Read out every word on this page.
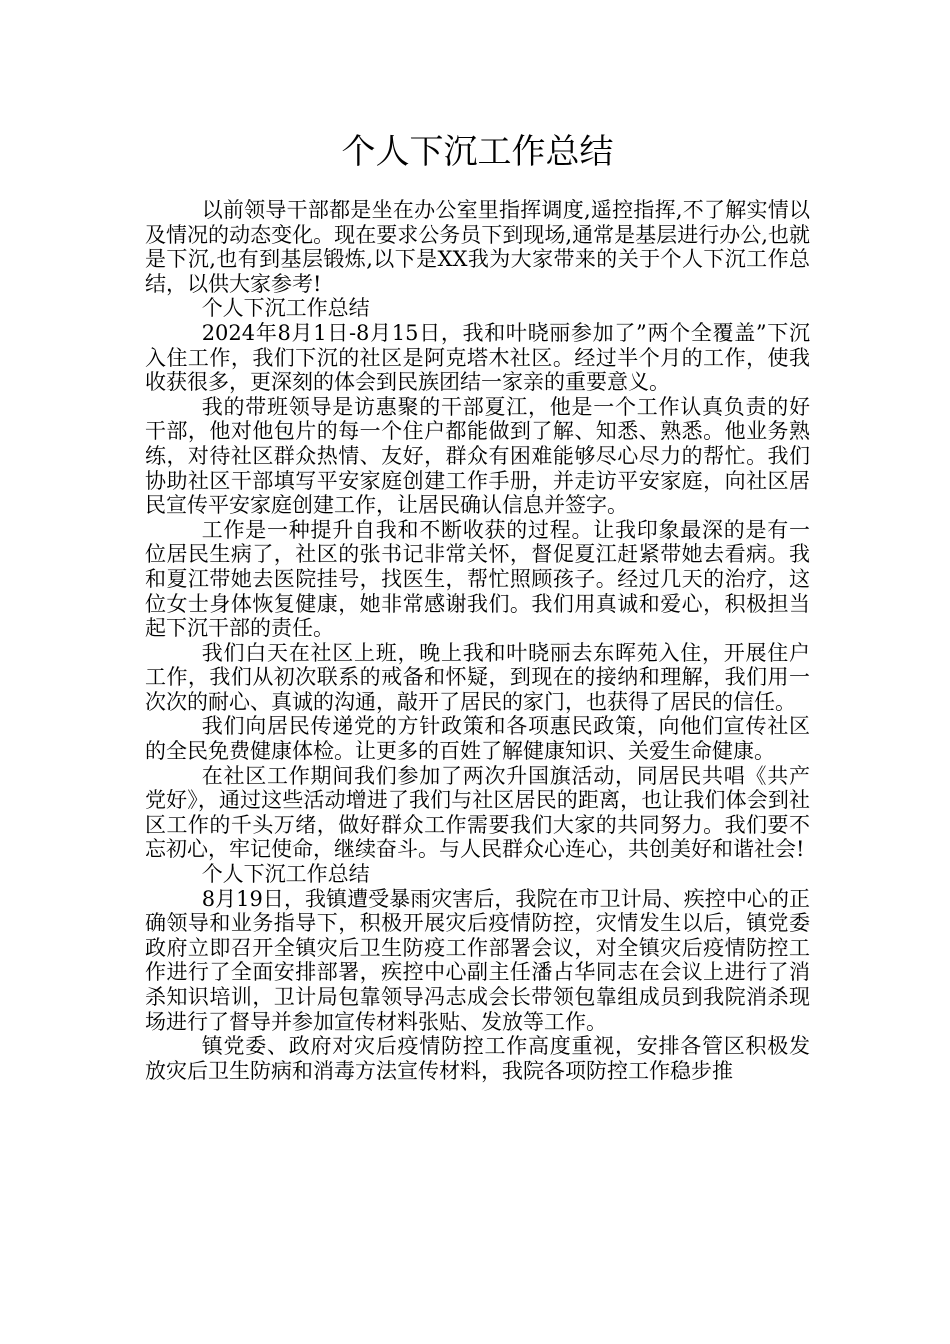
个人下沉工作总结

以前领导干部都是坐在办公室里指挥调度,遥控指挥,不了解实情以及情况的动态变化。现在要求公务员下到现场,通常是基层进行办公,也就是下沉,也有到基层锻炼,以下是XX我为大家带来的关于个人下沉工作总结，以供大家参考!

个人下沉工作总结

2024年8月1日-8月15日，我和叶晓丽参加了”两个全覆盖”下沉入住工作，我们下沉的社区是阿克塔木社区。经过半个月的工作，使我收获很多，更深刻的体会到民族团结一家亲的重要意义。

我的带班领导是访惠聚的干部夏江，他是一个工作认真负责的好干部，他对他包片的每一个住户都能做到了解、知悉、熟悉。他业务熟练，对待社区群众热情、友好，群众有困难能够尽心尽力的帮忙。我们协助社区干部填写平安家庭创建工作手册，并走访平安家庭，向社区居民宣传平安家庭创建工作，让居民确认信息并签字。

工作是一种提升自我和不断收获的过程。让我印象最深的是有一位居民生病了，社区的张书记非常关怀，督促夏江赶紧带她去看病。我和夏江带她去医院挂号，找医生，帮忙照顾孩子。经过几天的治疗，这位女士身体恢复健康，她非常感谢我们。我们用真诚和爱心，积极担当起下沉干部的责任。

我们白天在社区上班，晚上我和叶晓丽去东晖苑入住，开展住户工作，我们从初次联系的戒备和怀疑，到现在的接纳和理解，我们用一次次的耐心、真诚的沟通，敲开了居民的家门，也获得了居民的信任。

我们向居民传递党的方针政策和各项惠民政策，向他们宣传社区的全民免费健康体检。让更多的百姓了解健康知识、关爱生命健康。

在社区工作期间我们参加了两次升国旗活动，同居民共唱《共产党好》，通过这些活动增进了我们与社区居民的距离，也让我们体会到社区工作的千头万绪，做好群众工作需要我们大家的共同努力。我们要不忘初心，牢记使命，继续奋斗。与人民群众心连心，共创美好和谐社会!

个人下沉工作总结

8月19日，我镇遭受暴雨灾害后，我院在市卫计局、疾控中心的正确领导和业务指导下，积极开展灾后疫情防控，灾情发生以后，镇党委政府立即召开全镇灾后卫生防疫工作部署会议，对全镇灾后疫情防控工作进行了全面安排部署，疾控中心副主任潘占华同志在会议上进行了消杀知识培训，卫计局包靠领导冯志成会长带领包靠组成员到我院消杀现场进行了督导并参加宣传材料张贴、发放等工作。

镇党委、政府对灾后疫情防控工作高度重视，安排各管区积极发放灾后卫生防病和消毒方法宣传材料，我院各项防控工作稳步推
